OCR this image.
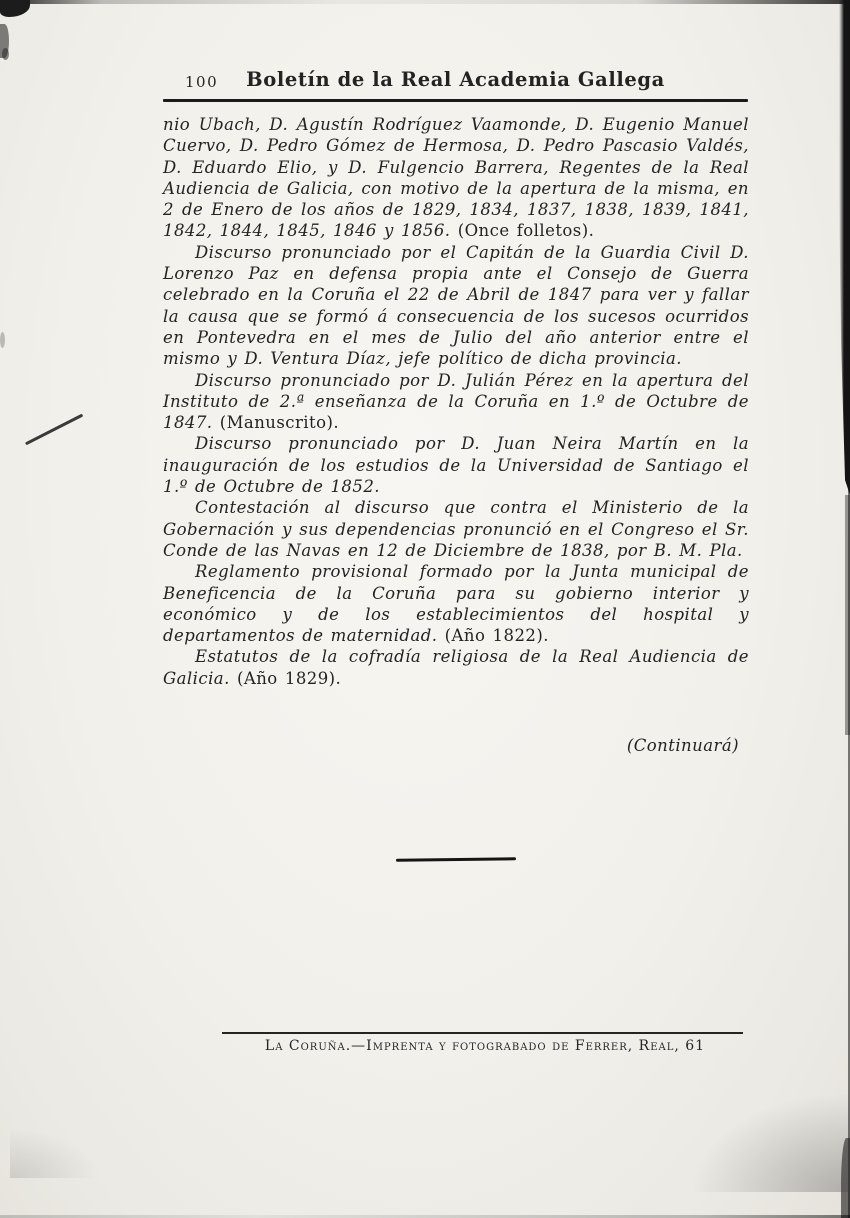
100 Boletín de la Real Academia Gallega

nio Ubach, D. Agustín Rodríguez Vaamonde, D. Eugenio Manuel Cuervo, D. Pedro Gómez de Hermosa, D. Pedro Pascasio Valdés, D. Eduardo Elio, y D. Fulgencio Barrera, Regentes de la Real Audiencia de Galicia, con motivo de la apertura de la misma, en 2 de Enero de los años de 1829, 1834, 1837, 1838, 1839, 1841, 1842, 1844, 1845, 1846 y 1856. (Once folletos).

Discurso pronunciado por el Capitán de la Guardia Civil D. Lorenzo Paz en defensa propia ante el Consejo de Guerra celebrado en la Coruña el 22 de Abril de 1847 para ver y fallar la causa que se formó á consecuencia de los sucesos ocurridos en Pontevedra en el mes de Julio del año anterior entre el mismo y D. Ventura Díaz, jefe político de dicha provincia.

Discurso pronunciado por D. Julián Pérez en la apertura del Instituto de 2.ª enseñanza de la Coruña en 1.º de Octubre de 1847. (Manuscrito).

Discurso pronunciado por D. Juan Neira Martín en la inauguración de los estudios de la Universidad de Santiago el 1.º de Octubre de 1852.

Contestación al discurso que contra el Ministerio de la Gobernación y sus dependencias pronunció en el Congreso el Sr. Conde de las Navas en 12 de Diciembre de 1838, por B. M. Pla.

Reglamento provisional formado por la Junta municipal de Beneficencia de la Coruña para su gobierno interior y económico y de los establecimientos del hospital y departamentos de maternidad. (Año 1822).

Estatutos de la cofradía religiosa de la Real Audiencia de Galicia. (Año 1829).

(Continuará)
La Coruña.—Imprenta y fotograbado de Ferrer, Real, 61
